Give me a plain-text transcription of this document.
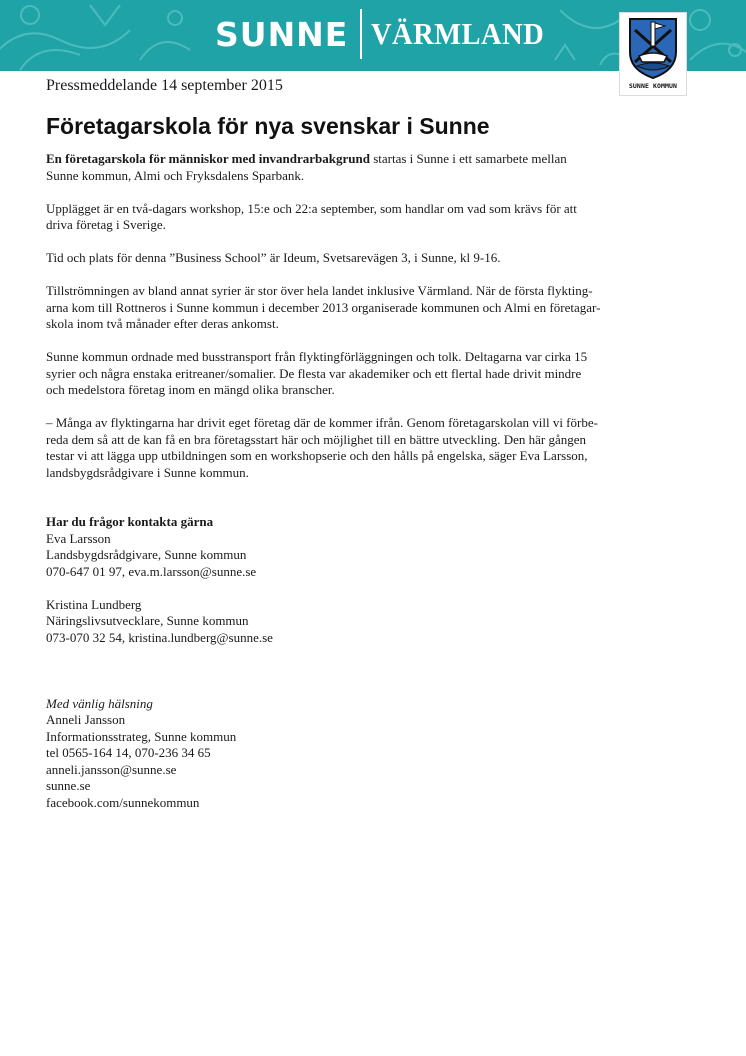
SUNNE VÄRMLAND
SUNNE KOMMUN
Pressmeddelande 14 september 2015
Företagarskola för nya svenskar i Sunne

En företagarskola för människor med invandrarbakgrund startas i Sunne i ett samarbete mellan

Sunne kommun, Almi och Fryksdalens Sparbank.

Upplägget är en två-dagars workshop, 15:e och 22:a september, som handlar om vad som krävs för att

driva företag i Sverige.

Tid och plats för denna ”Business School” är Ideum, Svetsarevägen 3, i Sunne, kl 9-16.

Tillströmningen av bland annat syrier är stor över hela landet inklusive Värmland. När de första flykting-

arna kom till Rottneros i Sunne kommun i december 2013 organiserade kommunen och Almi en företagar-

skola inom två månader efter deras ankomst.

Sunne kommun ordnade med busstransport från flyktingförläggningen och tolk. Deltagarna var cirka 15

syrier och några enstaka eritreaner/somalier. De flesta var akademiker och ett flertal hade drivit mindre

och medelstora företag inom en mängd olika branscher.

– Många av flyktingarna har drivit eget företag där de kommer ifrån. Genom företagarskolan vill vi förbe-

reda dem så att de kan få en bra företagsstart här och möjlighet till en bättre utveckling. Den här gången

testar vi att lägga upp utbildningen som en workshopserie och den hålls på engelska, säger Eva Larsson,

landsbygdsrådgivare i Sunne kommun.

Har du frågor kontakta gärna

Eva Larsson

Landsbygdsrådgivare, Sunne kommun

070-647 01 97, eva.m.larsson@sunne.se

Kristina Lundberg

Näringslivsutvecklare, Sunne kommun

073-070 32 54, kristina.lundberg@sunne.se

Med vänlig hälsning

Anneli Jansson

Informationsstrateg, Sunne kommun

tel 0565-164 14, 070-236 34 65

anneli.jansson@sunne.se

sunne.se

facebook.com/sunnekommun
